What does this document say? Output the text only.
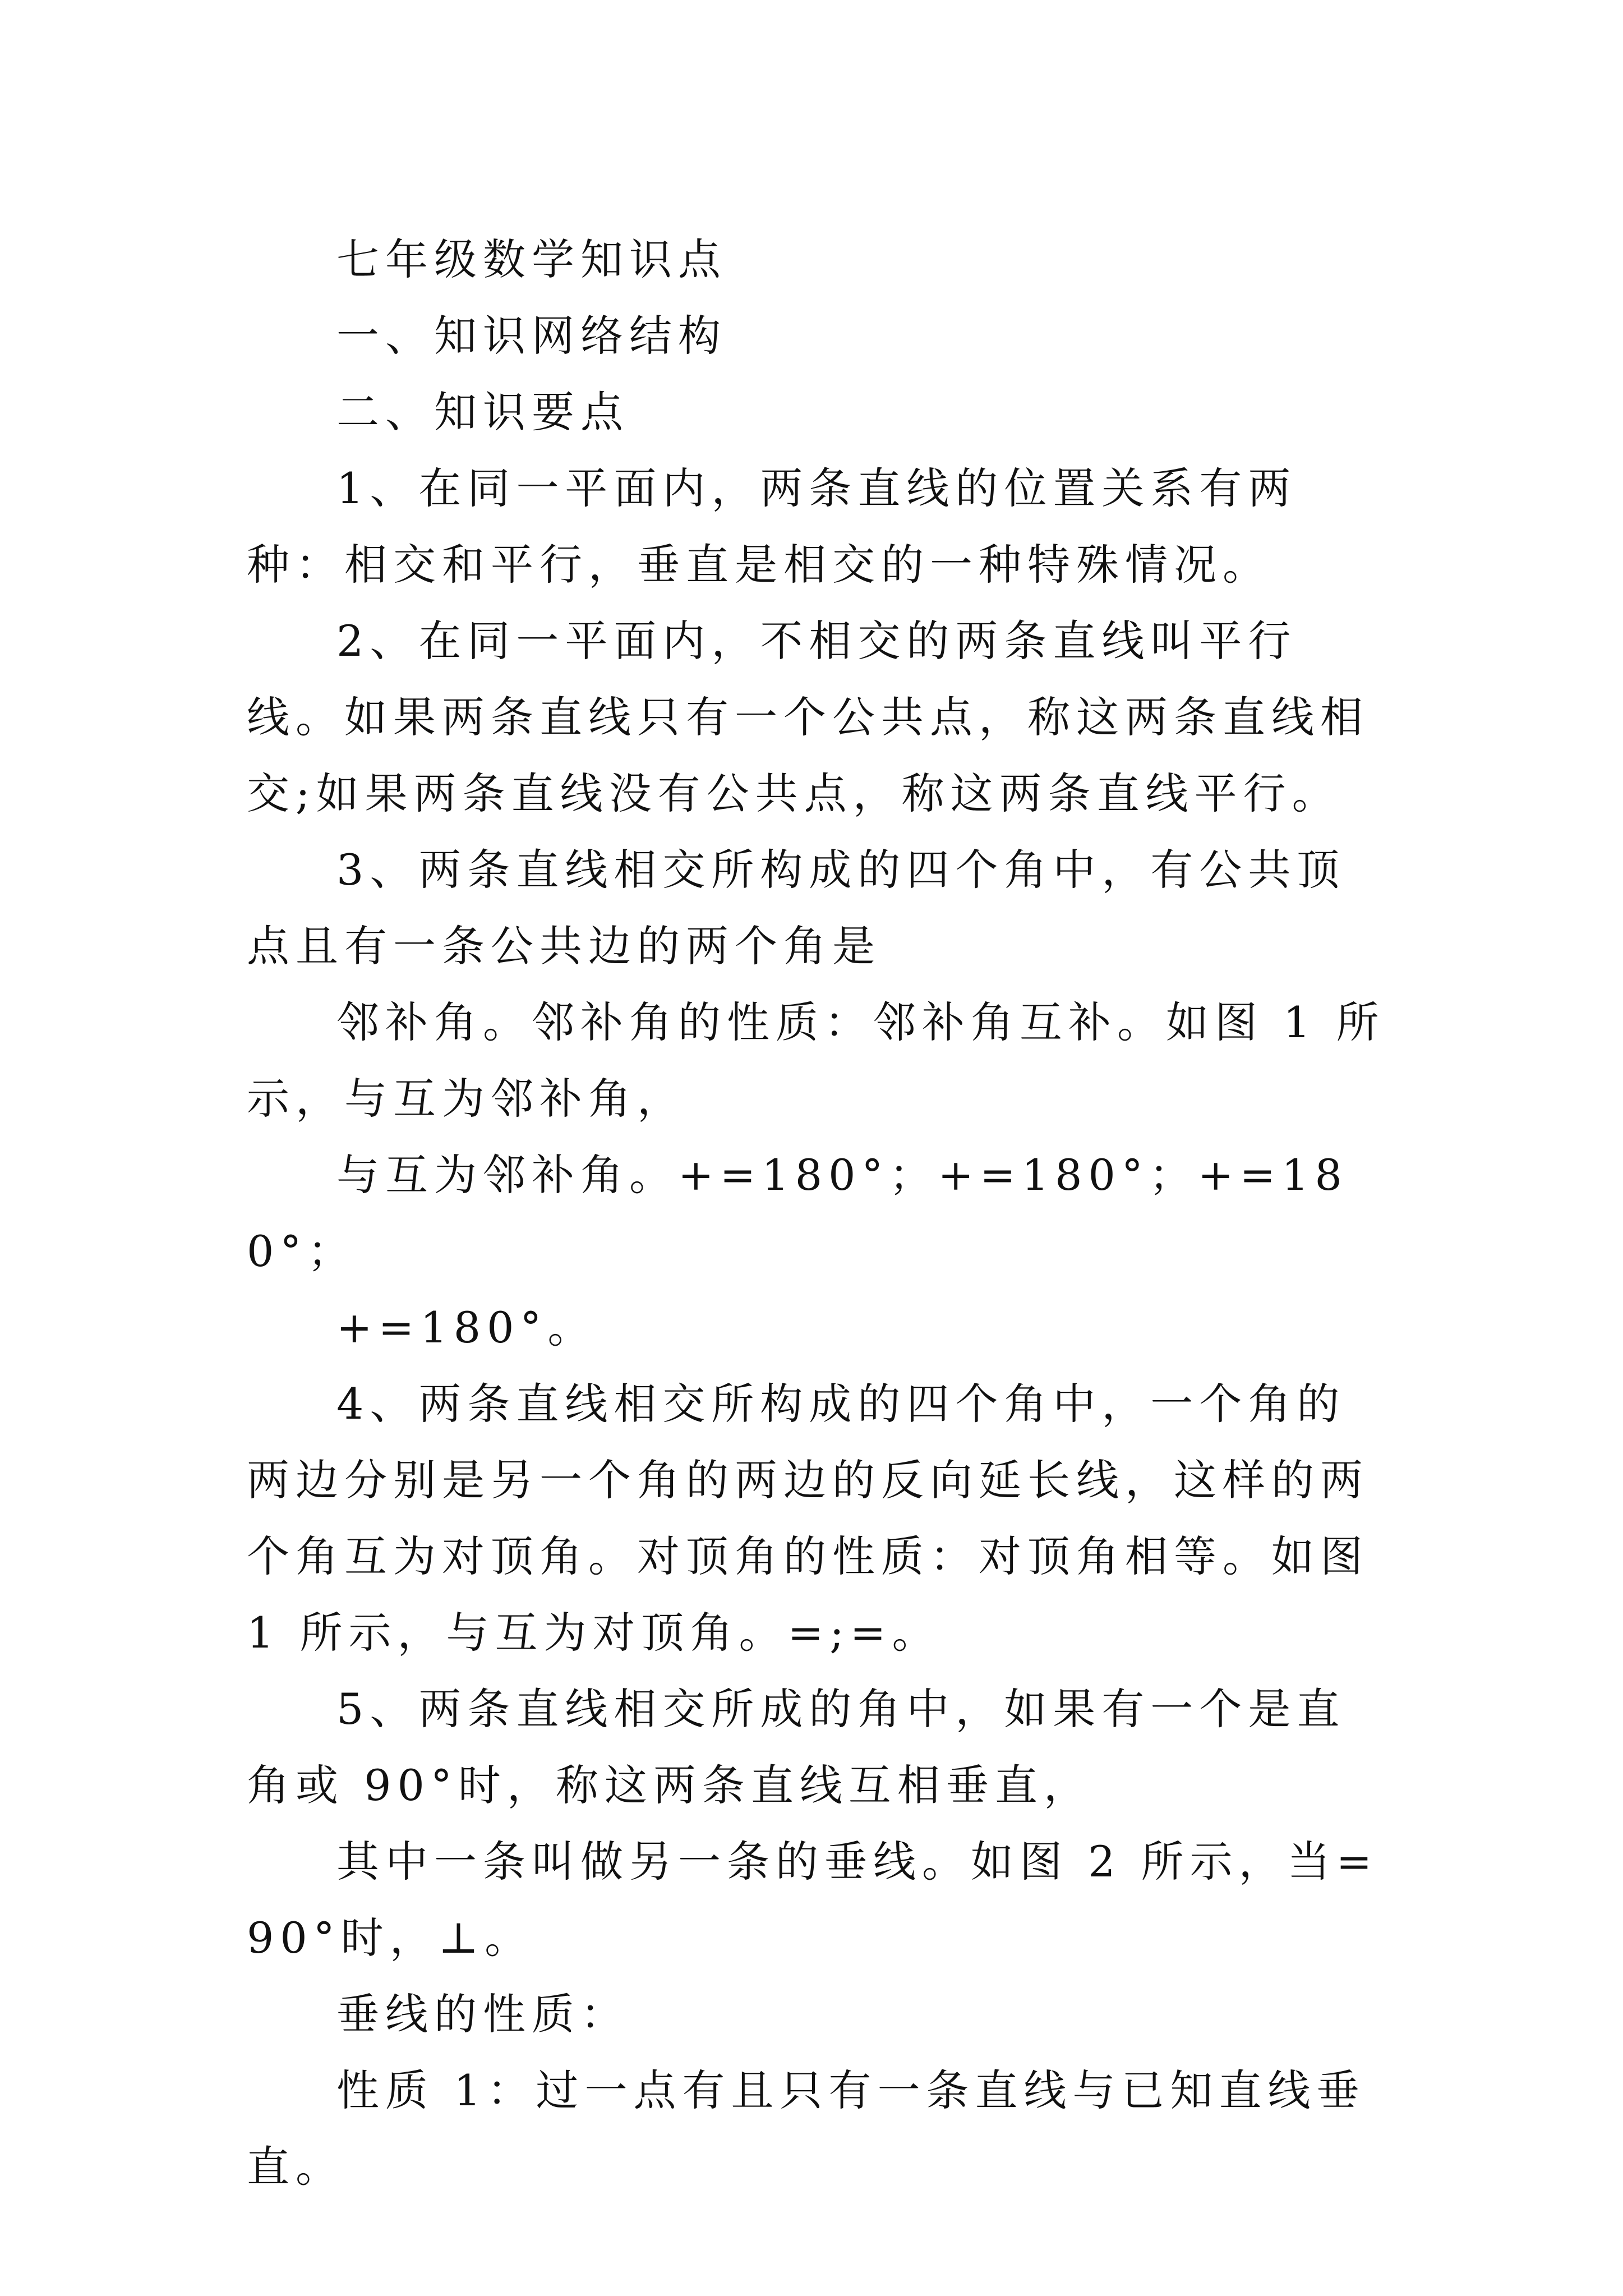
七年级数学知识点

一、知识网络结构

二、知识要点

1、在同一平面内，两条直线的位置关系有两种：相交和平行，垂直是相交的一种特殊情况。

2、在同一平面内，不相交的两条直线叫平行线。如果两条直线只有一个公共点，称这两条直线相交;如果两条直线没有公共点，称这两条直线平行。

3、两条直线相交所构成的四个角中，有公共顶点且有一条公共边的两个角是

邻补角。邻补角的性质：邻补角互补。如图 1 所示，与互为邻补角，

与互为邻补角。+=180°；+=180°；+=180°；

+=180°。

4、两条直线相交所构成的四个角中，一个角的两边分别是另一个角的两边的反向延长线，这样的两个角互为对顶角。对顶角的性质：对顶角相等。如图 1 所示，与互为对顶角。=;=。

5、两条直线相交所成的角中，如果有一个是直角或 90°时，称这两条直线互相垂直，

其中一条叫做另一条的垂线。如图 2 所示，当=90°时，⊥。

垂线的性质：

性质 1：过一点有且只有一条直线与已知直线垂直。
